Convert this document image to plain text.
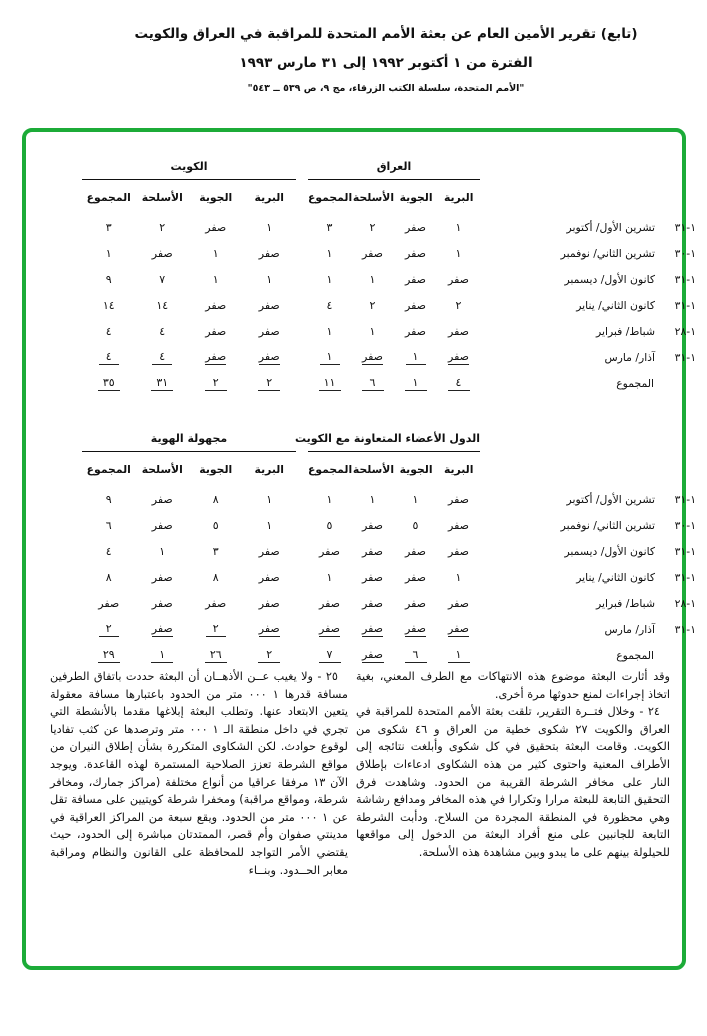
(تابع) تقرير الأمين العام عن بعثة الأمم المتحدة للمراقبة في العراق والكويت
الفترة من ١ أكتوبر ١٩٩٢ إلى ٣١ مارس ١٩٩٣
"الأمم المتحدة، سلسلة الكتب الزرقاء، مج ٩، ص ٥٣٩ ــ ٥٤٣"
١-٣١
تشرين الأول/ أكتوبر
١-٣٠
تشرين الثاني/ نوفمبر
١-٣١
كانون الأول/ ديسمبر
١-٣١
كانون الثاني/ يناير
١-٢٨
شباط/ فبراير
١-٣١
آذار/ مارس
المجموع
العراق
البرية
الجوية
الأسلحة
المجموع
١
صفر
٢
٣
١
صفر
صفر
١
صفر
صفر
١
١
٢
صفر
٢
٤
صفر
صفر
١
١
صفر
١
صفر
١
٤
١
٦
١١
الكويت
البرية
الجوية
الأسلحة
المجموع
١
صفر
٢
٣
صفر
١
صفر
١
١
١
٧
٩
صفر
صفر
١٤
١٤
صفر
صفر
٤
٤
صفر
صفر
٤
٤
٢
٢
٣١
٣٥
١-٣١
تشرين الأول/ أكتوبر
١-٣٠
تشرين الثاني/ نوفمبر
١-٣١
كانون الأول/ ديسمبر
١-٣١
كانون الثاني/ يناير
١-٢٨
شباط/ فبراير
١-٣١
آذار/ مارس
المجموع
الدول الأعضاء المتعاونة مع الكويت
البرية
الجوية
الأسلحة
المجموع
صفر
١
١
١
صفر
٥
صفر
٥
صفر
صفر
صفر
صفر
١
صفر
صفر
١
صفر
صفر
صفر
صفر
صفر
صفر
صفر
صفر
١
٦
صفر
٧
مجهولة الهوية
البرية
الجوية
الأسلحة
المجموع
١
٨
صفر
٩
١
٥
صفر
٦
صفر
٣
١
٤
صفر
٨
صفر
٨
صفر
صفر
صفر
صفر
صفر
٢
صفر
٢
٢
٢٦
١
٢٩

وقد أثارت البعثة موضوع هذه الانتهاكات مع الطرف المعني، بغية اتخاذ إجراءات لمنع حدوثها مرة أخرى.

٢٤ - وخلال فتــرة التقرير، تلقت بعثة الأمم المتحدة للمراقبة في العراق والكويت ٢٧ شكوى خطية من العراق و ٤٦ شكوى من الكويت. وقامت البعثة بتحقيق في كل شكوى وأبلغت نتائجه إلى الأطراف المعنية واحتوى كثير من هذه الشكاوى ادعاءات بإطلاق النار على مخافر الشرطة القريبة من الحدود. وشاهدت فرق التحقيق التابعة للبعثة مرارا وتكرارا في هذه المخافر ومدافع رشاشة وهي محظورة في المنطقة المجردة من السلاح. ودأبت الشرطة التابعة للجانبين على منع أفراد البعثة من الدخول إلى مواقعها للحيلولة بينهم على ما يبدو وبين مشاهدة هذه الأسلحة.

٢٥ - ولا يغيب عــن الأذهــان أن البعثة حددت باتفاق الطرفين مسافة قدرها ١ ٠٠٠ متر من الحدود باعتبارها مسافة معقولة يتعين الابتعاد عنها. وتطلب البعثة إبلاغها مقدما بالأنشطة التي تجري في داخل منطقة الـ ١ ٠٠٠ متر وترصدها عن كثب تفاديا لوقوع حوادث. لكن الشكاوى المتكررة بشأن إطلاق النيران من مواقع الشرطة تعزز الصلاحية المستمرة لهذه القاعدة. ويوجد الآن ١٣ مرفقا عراقيا من أنواع مختلفة (مراكز جمارك، ومخافر شرطة، ومواقع مراقبة) ومخفرا شرطة كويتيين على مسافة تقل عن ١ ٠٠٠ متر من الحدود. ويقع سبعة من المراكز العراقية في مدينتي صفوان وأم قصر، الممتدتان مباشرة إلى الحدود، حيث يقتضي الأمر التواجد للمحافظة على القانون والنظام ومراقبة معابر الحــدود. وبنــاء
